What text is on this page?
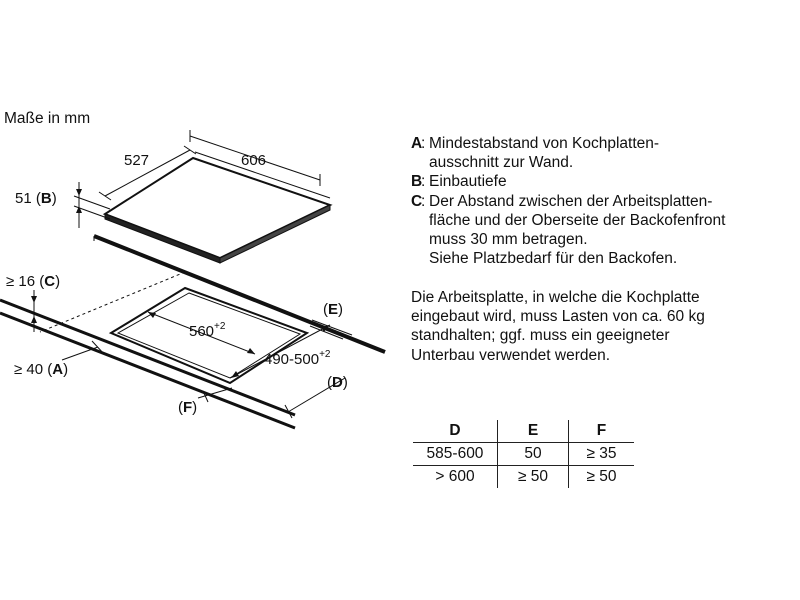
Maße in mm
606
527
51 (B)
$560^{+2}$
$490-500^{+2}$
(E)
(D)
(F)
≥ 16 (C)
≥ 40 (A)
A
: Mindestabstand von Kochplatten-
ausschnitt zur Wand.
B
: Einbautiefe
C
: Der Abstand zwischen der Arbeitsplatten-
fläche und der Oberseite der Backofenfront
muss 30 mm betragen.
Siehe Platzbedarf für den Backofen.
Die Arbeitsplatte, in welche die Kochplatte
eingebaut wird, muss Lasten von ca. 60 kg
standhalten; ggf. muss ein geeigneter
Unterbau verwendet werden.
D	E	F
585-600	50	≥ 35
> 600	≥ 50	≥ 50
